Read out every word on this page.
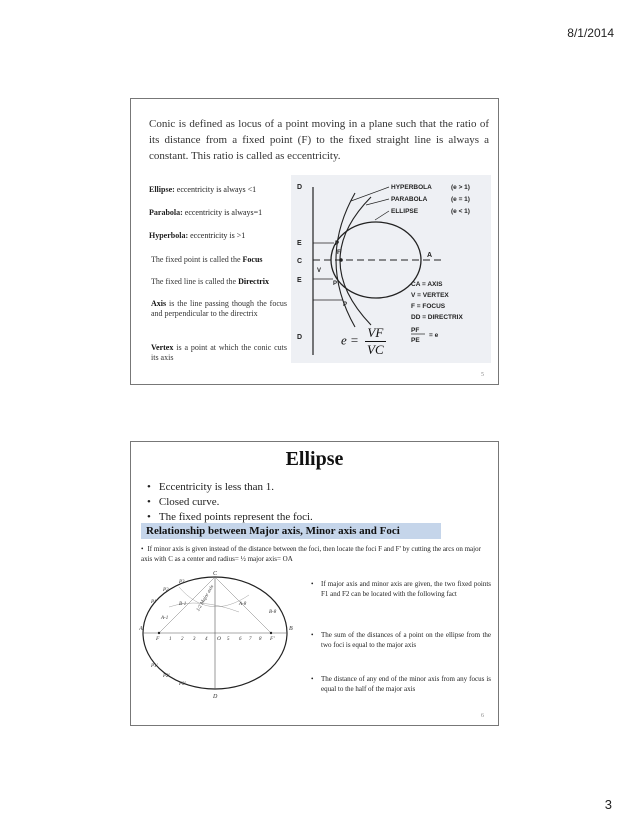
8/1/2014
Conic is defined as locus of a point moving in a plane such that the ratio of its distance from a fixed point (F) to the fixed straight line is always a constant. This ratio is called as eccentricity.
Ellipse: eccentricity is always <1
Parabola: eccentricity is always=1
Hyperbola: eccentricity is >1
The fixed point is called the Focus
The fixed line is called the Directrix
Axis is the line passing though the focus and perpendicular to the directrix
Vertex is a point at which the conic cuts its axis
D
E
C
E
D
P
P
P
V
F	A
HYPERBOLA	(e > 1)
PARABOLA	(e = 1)
ELLIPSE	(e < 1)
CA = AXIS
V = VERTEX
F = FOCUS
DD = DIRECTRIX
PF
PE
= e
$e = \frac{VF}{VC}$
5
Ellipse
• Eccentricity is less than 1.
• Closed curve.
• The fixed points represent the foci.
Relationship between Major axis, Minor axis and Foci
• If minor axis is given instead of the distance between the foci, then locate the foci F and F' by cutting the arcs on major axis with C as a center and radius= ½ major axis= OA
A	B
C
D
O
F	F'
1 2 3 4	5 6 7 8
P1
P2
P3
P1'
P2'
P3'
B-1	A-8
A-1
B-8
1/2 Major axis
•	If major axis and minor axis are given, the two fixed points F1 and F2 can be located with the following fact
•	The sum of the distances of a point on the ellipse from the two foci is equal to the major axis
•	The distance of any end of the minor axis from any focus is equal to the half of the major axis
6
3
